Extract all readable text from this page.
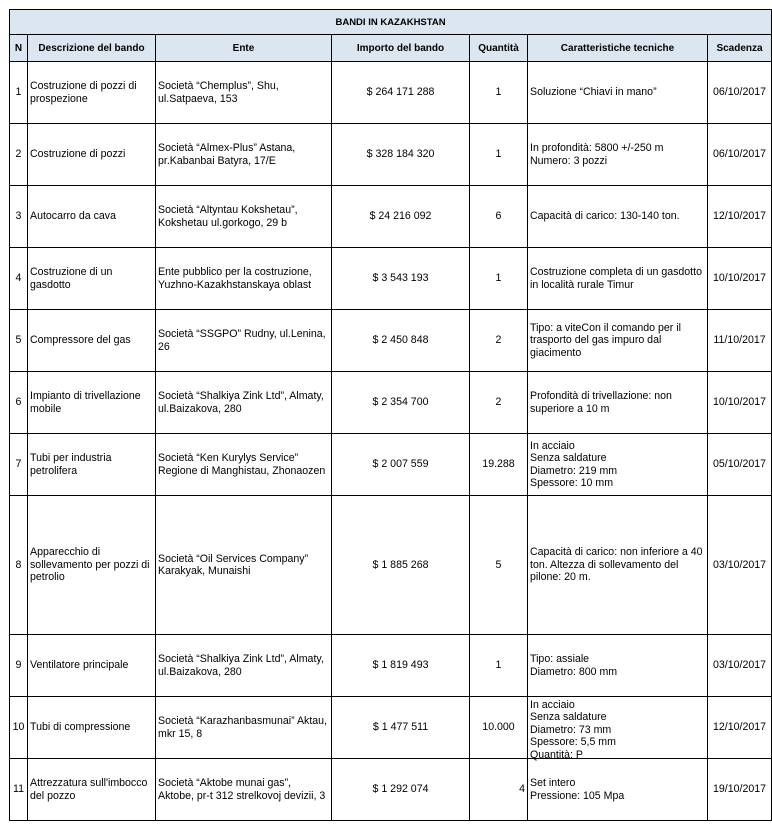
BANDI IN KAZAKHSTAN						
N	Descrizione del bando	Ente	Importo del bando	Quantità	Caratteristiche tecniche	Scadenza

1	Costruzione di pozzi di prospezione	Società “Chemplus”, Shu, ul.Satpaeva, 153	$ 264 171 288	1	Soluzione “Chiavi in mano”	06/10/2017

2	Costruzione di pozzi	Società “Almex-Plus” Astana, pr.Kabanbai Batyra, 17/E	$ 328 184 320	1	In profondità: 5800 +/-250 m
Numero: 3 pozzi	06/10/2017

3	Autocarro da cava	Società “Altyntau Kokshetau”, Kokshetau ul.gorkogo, 29 b	$ 24 216 092	6	Capacità di carico: 130-140 ton.	12/10/2017

4	Costruzione di un gasdotto	Ente pubblico per la costruzione, Yuzhno-Kazakhstanskaya oblast	$ 3 543 193	1	Costruzione completa di un gasdotto in località rurale Timur	10/10/2017

5	Compressore del gas	Società “SSGPO” Rudny, ul.Lenina, 26	$ 2 450 848	2	Tipo: a viteCon il comando per il trasporto del gas impuro dal giacimento	11/10/2017

6	Impianto di trivellazione mobile	Società “Shalkiya Zink Ltd”, Almaty, ul.Baizakova, 280	$ 2 354 700	2	Profondità di trivellazione: non superiore a 10 m	10/10/2017

7	Tubi per industria petrolifera	Società “Ken Kurylys Service” Regione di Manghistau, Zhonaozen	$ 2 007 559	19.288	In acciaio
Senza saldature
Diametro: 219 mm
Spessore: 10 mm	05/10/2017

8	Apparecchio di sollevamento per pozzi di petrolio	Società “Oil Services Company” Karakyak, Munaishi	$ 1 885 268	5	Capacità di carico: non inferiore a 40 ton. Altezza di sollevamento del pilone: 20 m.	03/10/2017

9	Ventilatore principale	Società “Shalkiya Zink Ltd”, Almaty, ul.Baizakova, 280	$ 1 819 493	1	Tipo: assiale
Diametro: 800 mm	03/10/2017

10	Tubi di compressione	Società “Karazhanbasmunai” Aktau, mkr 15, 8	$ 1 477 511	10.000	In acciaio
Senza saldature
Diametro: 73 mm
Spessore: 5,5 mm
Quantità: P	12/10/2017

11	Attrezzatura sull'imbocco del pozzo	Società “Aktobe munai gas”, Aktobe, pr-t 312 strelkovoj devizii, 3	$ 1 292 074	4	Set intero
Pressione: 105 Mpa	19/10/2017
